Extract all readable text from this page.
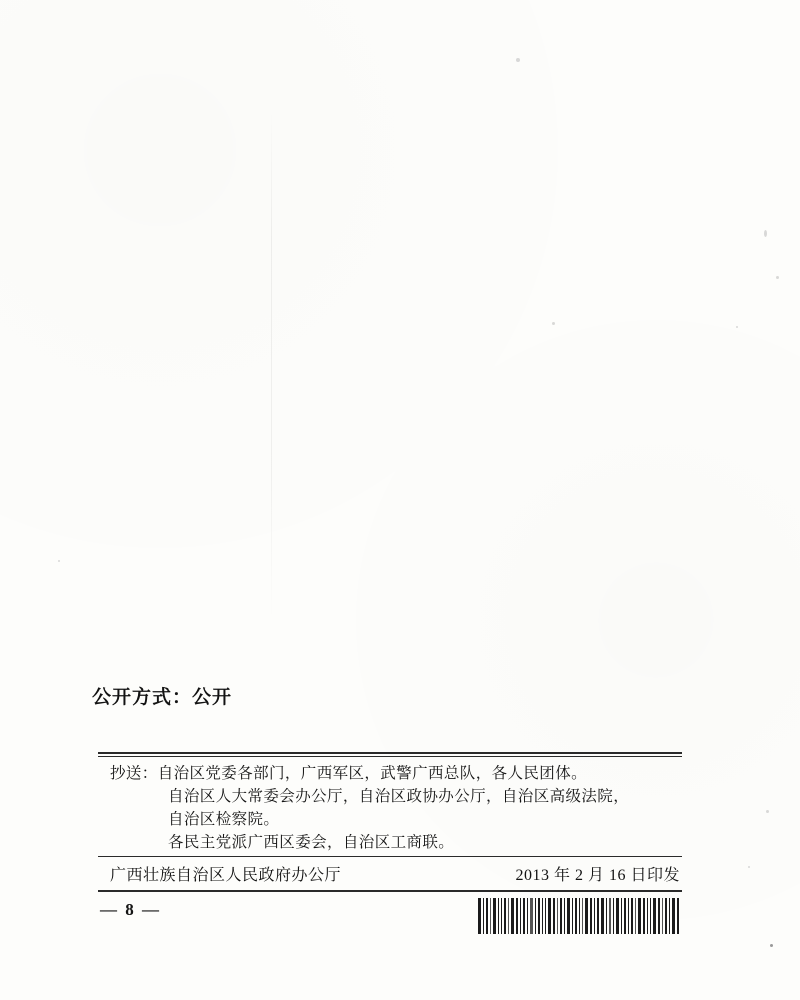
公开方式：公开
抄送：自治区党委各部门，广西军区，武警广西总队，各人民团体。
自治区人大常委会办公厅，自治区政协办公厅，自治区高级法院，
自治区检察院。
各民主党派广西区委会，自治区工商联。
广西壮族自治区人民政府办公厅	2013 年 2 月 16 日印发
— 8 —
